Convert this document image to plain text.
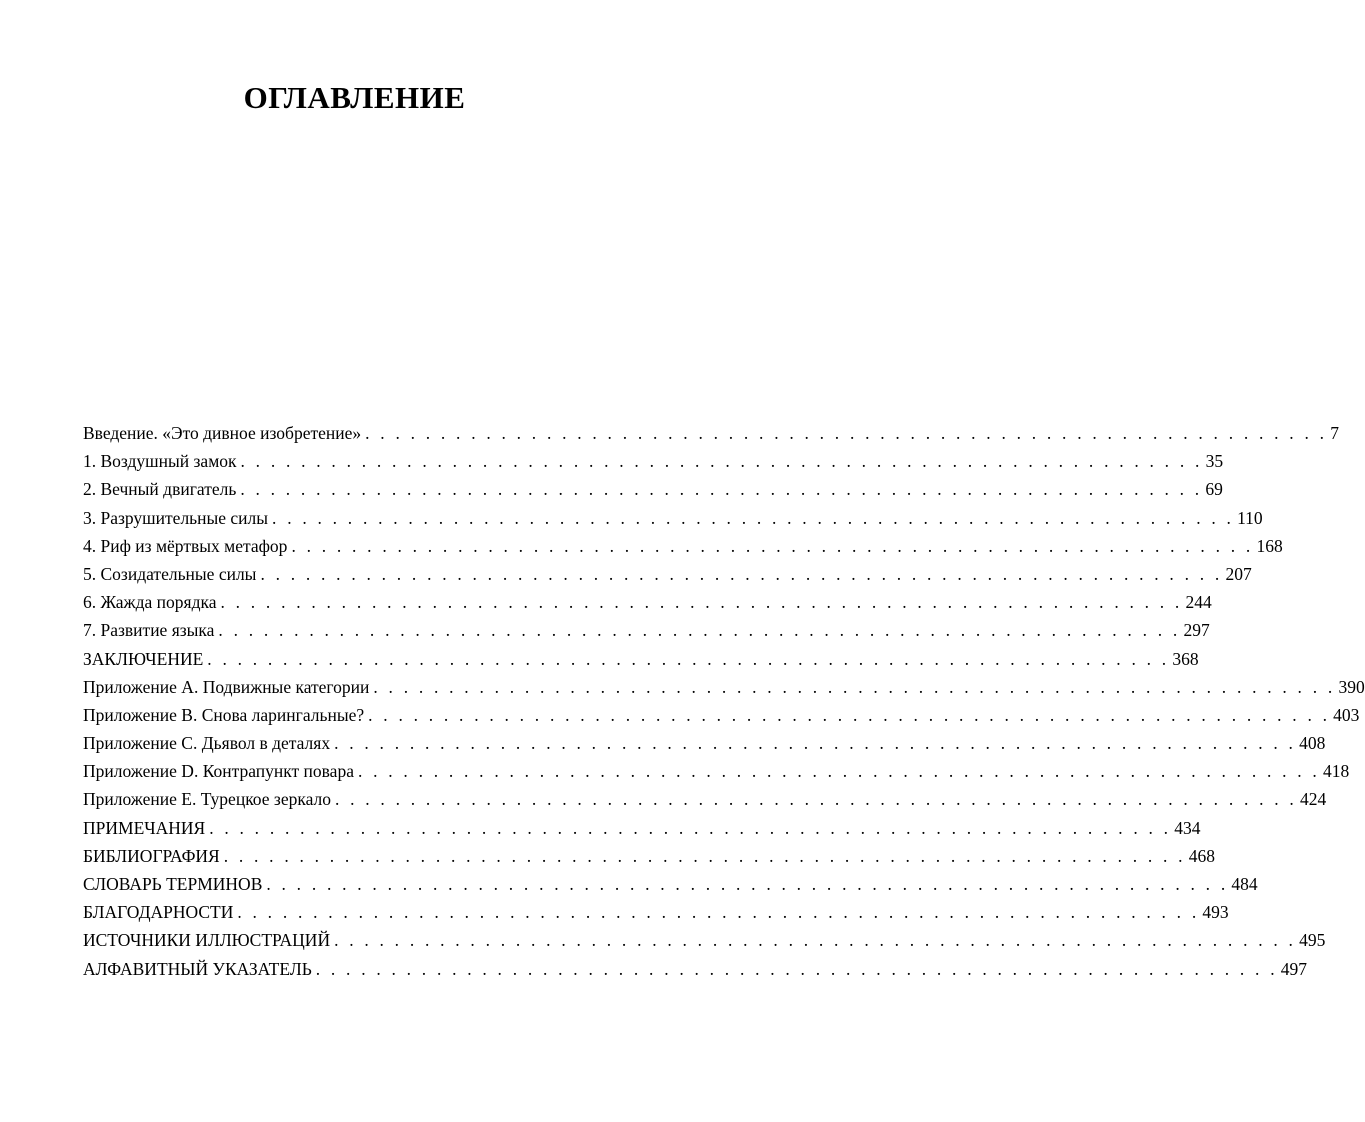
ОГЛАВЛЕНИЕ
Введение. «Это дивное изобретение» . . . . . . . . . . . . . . . . . . . . . . . . . . . . . . . . . . . . . . . . . . . . . . . . . . . . . . . . . . . . . . . . 7
1. Воздушный замок . . . . . . . . . . . . . . . . . . . . . . . . . . . . . . . . . . . . . . . . . . . . . . . . . . . . . . . . . . . . . . . . 35
2. Вечный двигатель . . . . . . . . . . . . . . . . . . . . . . . . . . . . . . . . . . . . . . . . . . . . . . . . . . . . . . . . . . . . . . . . 69
3. Разрушительные силы . . . . . . . . . . . . . . . . . . . . . . . . . . . . . . . . . . . . . . . . . . . . . . . . . . . . . . . . . . . . . . . . 110
4. Риф из мёртвых метафор . . . . . . . . . . . . . . . . . . . . . . . . . . . . . . . . . . . . . . . . . . . . . . . . . . . . . . . . . . . . . . . . 168
5. Созидательные силы . . . . . . . . . . . . . . . . . . . . . . . . . . . . . . . . . . . . . . . . . . . . . . . . . . . . . . . . . . . . . . . . 207
6. Жажда порядка . . . . . . . . . . . . . . . . . . . . . . . . . . . . . . . . . . . . . . . . . . . . . . . . . . . . . . . . . . . . . . . . 244
7. Развитие языка . . . . . . . . . . . . . . . . . . . . . . . . . . . . . . . . . . . . . . . . . . . . . . . . . . . . . . . . . . . . . . . . 297
ЗАКЛЮЧЕНИЕ . . . . . . . . . . . . . . . . . . . . . . . . . . . . . . . . . . . . . . . . . . . . . . . . . . . . . . . . . . . . . . . . 368
Приложение А. Подвижные категории . . . . . . . . . . . . . . . . . . . . . . . . . . . . . . . . . . . . . . . . . . . . . . . . . . . . . . . . . . . . . . . . 390
Приложение В. Снова ларингальные? . . . . . . . . . . . . . . . . . . . . . . . . . . . . . . . . . . . . . . . . . . . . . . . . . . . . . . . . . . . . . . . . 403
Приложение С. Дьявол в деталях . . . . . . . . . . . . . . . . . . . . . . . . . . . . . . . . . . . . . . . . . . . . . . . . . . . . . . . . . . . . . . . . 408
Приложение D. Контрапункт повара . . . . . . . . . . . . . . . . . . . . . . . . . . . . . . . . . . . . . . . . . . . . . . . . . . . . . . . . . . . . . . . . 418
Приложение Е. Турецкое зеркало . . . . . . . . . . . . . . . . . . . . . . . . . . . . . . . . . . . . . . . . . . . . . . . . . . . . . . . . . . . . . . . . 424
ПРИМЕЧАНИЯ . . . . . . . . . . . . . . . . . . . . . . . . . . . . . . . . . . . . . . . . . . . . . . . . . . . . . . . . . . . . . . . . 434
БИБЛИОГРАФИЯ . . . . . . . . . . . . . . . . . . . . . . . . . . . . . . . . . . . . . . . . . . . . . . . . . . . . . . . . . . . . . . . . 468
СЛОВАРЬ ТЕРМИНОВ . . . . . . . . . . . . . . . . . . . . . . . . . . . . . . . . . . . . . . . . . . . . . . . . . . . . . . . . . . . . . . . . 484
БЛАГОДАРНОСТИ . . . . . . . . . . . . . . . . . . . . . . . . . . . . . . . . . . . . . . . . . . . . . . . . . . . . . . . . . . . . . . . . 493
ИСТОЧНИКИ ИЛЛЮСТРАЦИЙ . . . . . . . . . . . . . . . . . . . . . . . . . . . . . . . . . . . . . . . . . . . . . . . . . . . . . . . . . . . . . . . . 495
АЛФАВИТНЫЙ УКАЗАТЕЛЬ . . . . . . . . . . . . . . . . . . . . . . . . . . . . . . . . . . . . . . . . . . . . . . . . . . . . . . . . . . . . . . . . 497
